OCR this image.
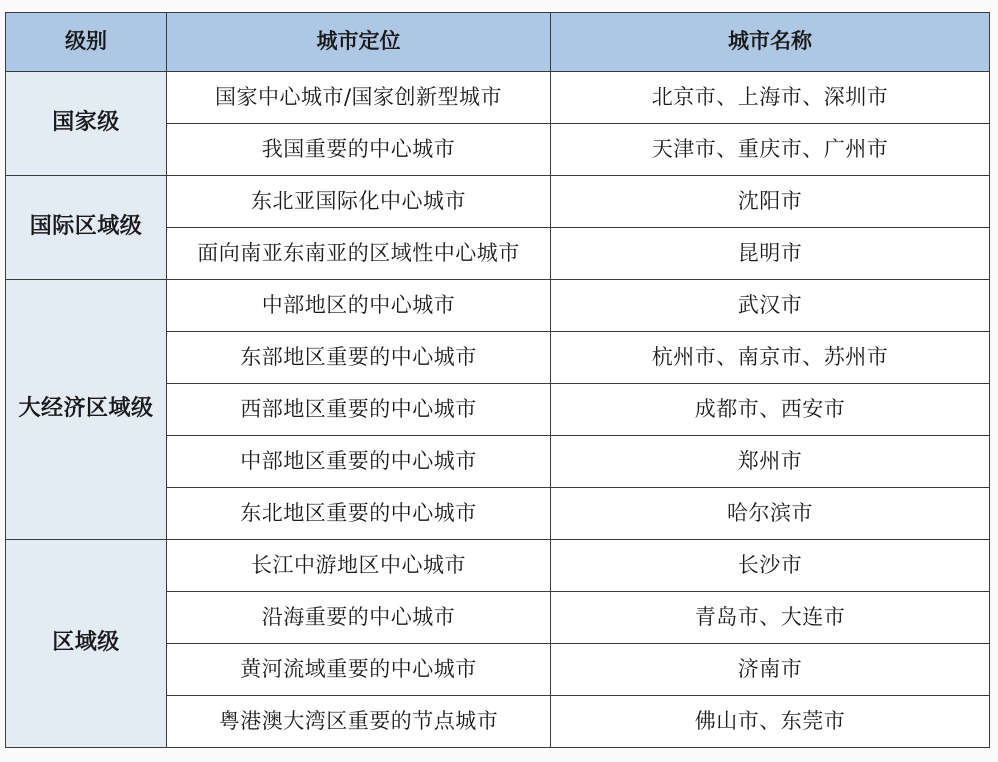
级别	城市定位	城市名称
国家级	国家中心城市/国家创新型城市	北京市、上海市、深圳市
	我国重要的中心城市	天津市、重庆市、广州市
国际区域级	东北亚国际化中心城市	沈阳市
	面向南亚东南亚的区域性中心城市	昆明市
大经济区域级	中部地区的中心城市	武汉市
	东部地区重要的中心城市	杭州市、南京市、苏州市
	西部地区重要的中心城市	成都市、西安市
	中部地区重要的中心城市	郑州市
	东北地区重要的中心城市	哈尔滨市
区域级	长江中游地区中心城市	长沙市
	沿海重要的中心城市	青岛市、大连市
	黄河流域重要的中心城市	济南市
	粤港澳大湾区重要的节点城市	佛山市、东莞市
